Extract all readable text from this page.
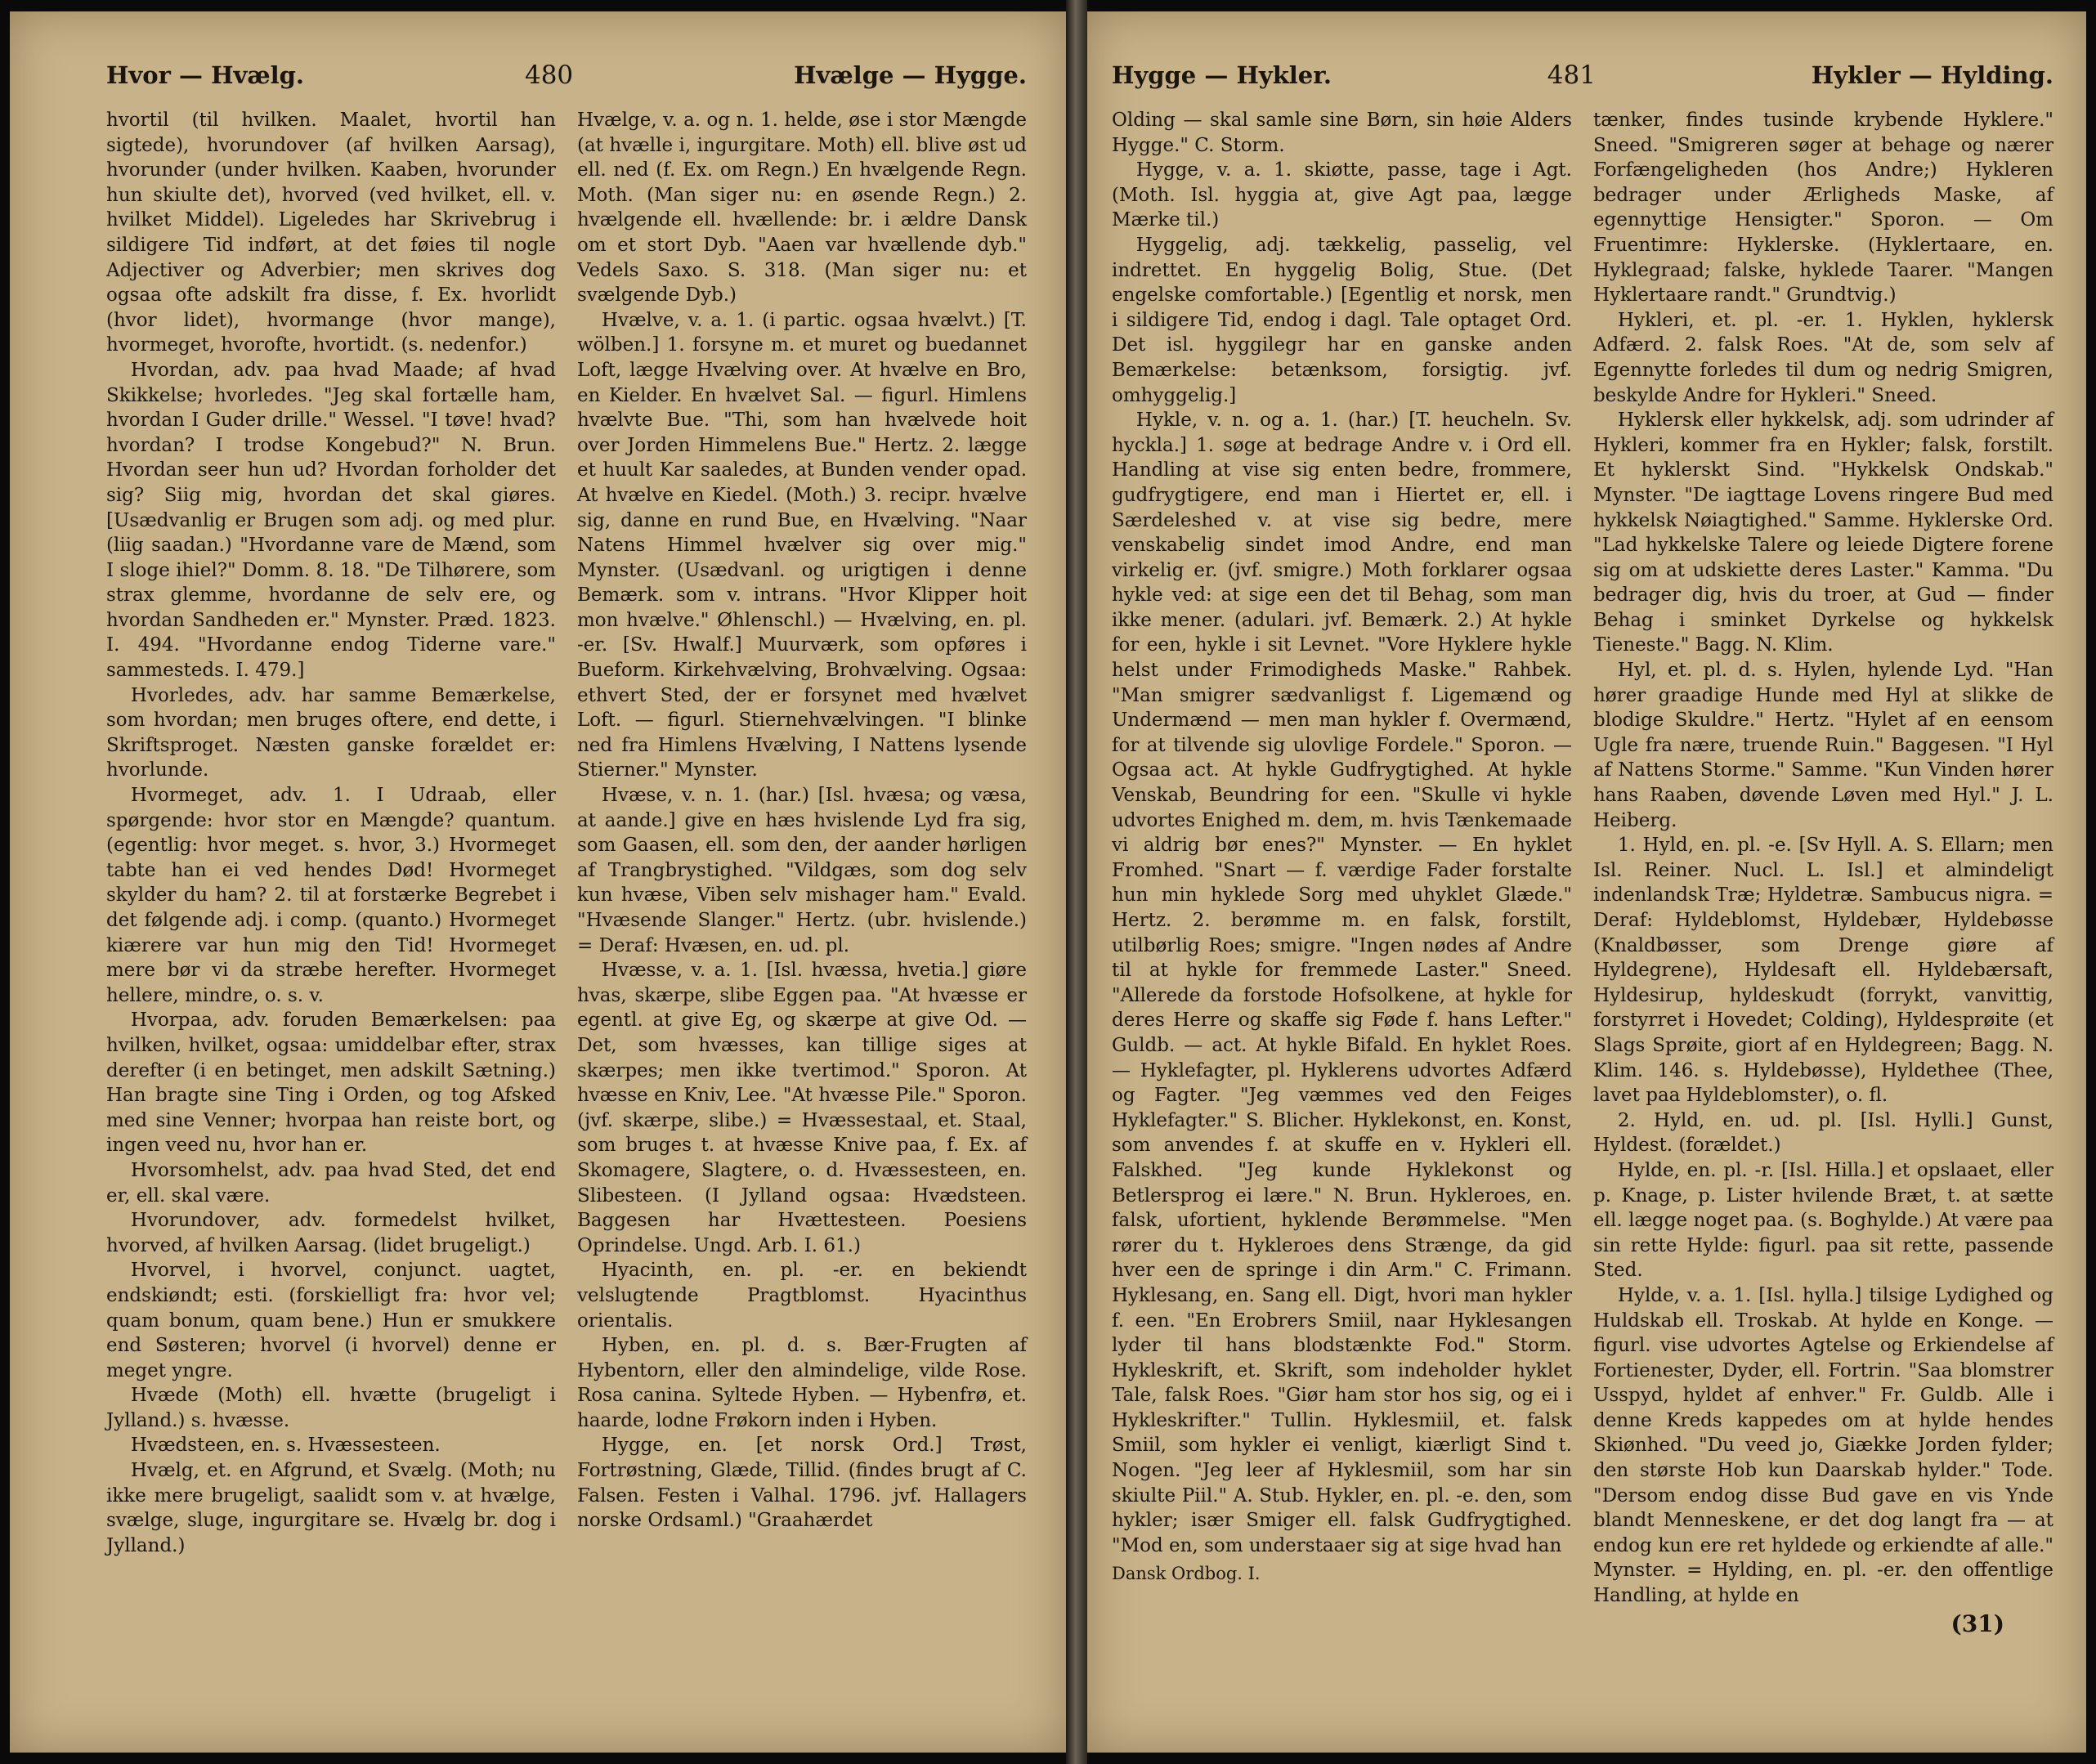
Hvor — Hvælg.	480	Hvælge — Hygge.

hvortil (til hvilken. Maalet, hvortil han sigtede), hvorundover (af hvilken Aarsag), hvorunder (under hvilken. Kaaben, hvorunder hun skiulte det), hvorved (ved hvilket, ell. v. hvilket Middel). Ligeledes har Skrivebrug i sildigere Tid indført, at det føies til nogle Adjectiver og Adverbier; men skrives dog ogsaa ofte adskilt fra disse, f. Ex. hvorlidt (hvor lidet), hvormange (hvor mange), hvormeget, hvorofte, hvortidt. (s. nedenfor.)

Hvordan, adv. paa hvad Maade; af hvad Skikkelse; hvorledes. "Jeg skal fortælle ham, hvordan I Guder drille." Wessel. "I tøve! hvad? hvordan? I trodse Kongebud?" N. Brun. Hvordan seer hun ud? Hvordan forholder det sig? Siig mig, hvordan det skal giøres. [Usædvanlig er Brugen som adj. og med plur. (liig saadan.) "Hvordanne vare de Mænd, som I sloge ihiel?" Domm. 8. 18. "De Tilhørere, som strax glemme, hvordanne de selv ere, og hvordan Sandheden er." Mynster. Præd. 1823. I. 494. "Hvordanne endog Tiderne vare." sammesteds. I. 479.]

Hvorledes, adv. har samme Bemærkelse, som hvordan; men bruges oftere, end dette, i Skriftsproget. Næsten ganske forældet er: hvorlunde.

Hvormeget, adv. 1. I Udraab, eller spørgende: hvor stor en Mængde? quantum. (egentlig: hvor meget. s. hvor, 3.) Hvormeget tabte han ei ved hendes Død! Hvormeget skylder du ham? 2. til at forstærke Begrebet i det følgende adj. i comp. (quanto.) Hvormeget kiærere var hun mig den Tid! Hvormeget mere bør vi da stræbe herefter. Hvormeget hellere, mindre, o. s. v.

Hvorpaa, adv. foruden Bemærkelsen: paa hvilken, hvilket, ogsaa: umiddelbar efter, strax derefter (i en betinget, men adskilt Sætning.) Han bragte sine Ting i Orden, og tog Afsked med sine Venner; hvorpaa han reiste bort, og ingen veed nu, hvor han er.

Hvorsomhelst, adv. paa hvad Sted, det end er, ell. skal være.

Hvorundover, adv. formedelst hvilket, hvorved, af hvilken Aarsag. (lidet brugeligt.)

Hvorvel, i hvorvel, conjunct. uagtet, endskiøndt; esti. (forskielligt fra: hvor vel; quam bonum, quam bene.) Hun er smukkere end Søsteren; hvorvel (i hvorvel) denne er meget yngre.

Hvæde (Moth) ell. hvætte (brugeligt i Jylland.) s. hvæsse.

Hvædsteen, en. s. Hvæssesteen.

Hvælg, et. en Afgrund, et Svælg. (Moth; nu ikke mere brugeligt, saalidt som v. at hvælge, svælge, sluge, ingurgitare se. Hvælg br. dog i Jylland.)

Hvælge, v. a. og n. 1. helde, øse i stor Mængde (at hvælle i, ingurgitare. Moth) ell. blive øst ud ell. ned (f. Ex. om Regn.) En hvælgende Regn. Moth. (Man siger nu: en øsende Regn.) 2. hvælgende ell. hvællende: br. i ældre Dansk om et stort Dyb. "Aaen var hvællende dyb." Vedels Saxo. S. 318. (Man siger nu: et svælgende Dyb.)

Hvælve, v. a. 1. (i partic. ogsaa hvælvt.) [T. wölben.] 1. forsyne m. et muret og buedannet Loft, lægge Hvælving over. At hvælve en Bro, en Kielder. En hvælvet Sal. — figurl. Himlens hvælvte Bue. "Thi, som han hvælvede hoit over Jorden Himmelens Bue." Hertz. 2. lægge et huult Kar saaledes, at Bunden vender opad. At hvælve en Kiedel. (Moth.) 3. recipr. hvælve sig, danne en rund Bue, en Hvælving. "Naar Natens Himmel hvælver sig over mig." Mynster. (Usædvanl. og urigtigen i denne Bemærk. som v. intrans. "Hvor Klipper hoit mon hvælve." Øhlenschl.) — Hvælving, en. pl. -er. [Sv. Hwalf.] Muurværk, som opføres i Bueform. Kirkehvælving, Brohvælving. Ogsaa: ethvert Sted, der er forsynet med hvælvet Loft. — figurl. Stiernehvælvingen. "I blinke ned fra Himlens Hvælving, I Nattens lysende Stierner." Mynster.

Hvæse, v. n. 1. (har.) [Isl. hvæsa; og væsa, at aande.] give en hæs hvislende Lyd fra sig, som Gaasen, ell. som den, der aander hørligen af Trangbrystighed. "Vildgæs, som dog selv kun hvæse, Viben selv mishager ham." Evald. "Hvæsende Slanger." Hertz. (ubr. hvislende.) = Deraf: Hvæsen, en. ud. pl.

Hvæsse, v. a. 1. [Isl. hvæssa, hvetia.] giøre hvas, skærpe, slibe Eggen paa. "At hvæsse er egentl. at give Eg, og skærpe at give Od. — Det, som hvæsses, kan tillige siges at skærpes; men ikke tvertimod." Sporon. At hvæsse en Kniv, Lee. "At hvæsse Pile." Sporon. (jvf. skærpe, slibe.) = Hvæssestaal, et. Staal, som bruges t. at hvæsse Knive paa, f. Ex. af Skomagere, Slagtere, o. d. Hvæssesteen, en. Slibesteen. (I Jylland ogsaa: Hvædsteen. Baggesen har Hvættesteen. Poesiens Oprindelse. Ungd. Arb. I. 61.)

Hyacinth, en. pl. -er. en bekiendt velslugtende Pragtblomst. Hyacinthus orientalis.

Hyben, en. pl. d. s. Bær-Frugten af Hybentorn, eller den almindelige, vilde Rose. Rosa canina. Syltede Hyben. — Hybenfrø, et. haarde, lodne Frøkorn inden i Hyben.

Hygge, en. [et norsk Ord.] Trøst, Fortrøstning, Glæde, Tillid. (findes brugt af C. Falsen. Festen i Valhal. 1796. jvf. Hallagers norske Ordsaml.) "Graahærdet

Hygge — Hykler.	481	Hykler — Hylding.

Olding — skal samle sine Børn, sin høie Alders Hygge." C. Storm.

Hygge, v. a. 1. skiøtte, passe, tage i Agt. (Moth. Isl. hyggia at, give Agt paa, lægge Mærke til.)

Hyggelig, adj. tækkelig, passelig, vel indrettet. En hyggelig Bolig, Stue. (Det engelske comfortable.) [Egentlig et norsk, men i sildigere Tid, endog i dagl. Tale optaget Ord. Det isl. hyggilegr har en ganske anden Bemærkelse: betænksom, forsigtig. jvf. omhyggelig.]

Hykle, v. n. og a. 1. (har.) [T. heucheln. Sv. hyckla.] 1. søge at bedrage Andre v. i Ord ell. Handling at vise sig enten bedre, frommere, gudfrygtigere, end man i Hiertet er, ell. i Særdeleshed v. at vise sig bedre, mere venskabelig sindet imod Andre, end man virkelig er. (jvf. smigre.) Moth forklarer ogsaa hykle ved: at sige een det til Behag, som man ikke mener. (adulari. jvf. Bemærk. 2.) At hykle for een, hykle i sit Levnet. "Vore Hyklere hykle helst under Frimodigheds Maske." Rahbek. "Man smigrer sædvanligst f. Ligemænd og Undermænd — men man hykler f. Overmænd, for at tilvende sig ulovlige Fordele." Sporon. — Ogsaa act. At hykle Gudfrygtighed. At hykle Venskab, Beundring for een. "Skulle vi hykle udvortes Enighed m. dem, m. hvis Tænkemaade vi aldrig bør enes?" Mynster. — En hyklet Fromhed. "Snart — f. værdige Fader forstalte hun min hyklede Sorg med uhyklet Glæde." Hertz. 2. berømme m. en falsk, forstilt, utilbørlig Roes; smigre. "Ingen nødes af Andre til at hykle for fremmede Laster." Sneed. "Allerede da forstode Hofsolkene, at hykle for deres Herre og skaffe sig Føde f. hans Lefter." Guldb. — act. At hykle Bifald. En hyklet Roes. — Hyklefagter, pl. Hyklerens udvortes Adfærd og Fagter. "Jeg væmmes ved den Feiges Hyklefagter." S. Blicher. Hyklekonst, en. Konst, som anvendes f. at skuffe en v. Hykleri ell. Falskhed. "Jeg kunde Hyklekonst og Betlersprog ei lære." N. Brun. Hykleroes, en. falsk, ufortient, hyklende Berømmelse. "Men rører du t. Hykleroes dens Strænge, da gid hver een de springe i din Arm." C. Frimann. Hyklesang, en. Sang ell. Digt, hvori man hykler f. een. "En Erobrers Smiil, naar Hyklesangen lyder til hans blodstænkte Fod." Storm. Hykleskrift, et. Skrift, som indeholder hyklet Tale, falsk Roes. "Giør ham stor hos sig, og ei i Hykleskrifter." Tullin. Hyklesmiil, et. falsk Smiil, som hykler ei venligt, kiærligt Sind t. Nogen. "Jeg leer af Hyklesmiil, som har sin skiulte Piil." A. Stub. Hykler, en. pl. -e. den, som hykler; især Smiger ell. falsk Gudfrygtighed. "Mod en, som understaaer sig at sige hvad han

Dansk Ordbog. I.

tænker, findes tusinde krybende Hyklere." Sneed. "Smigreren søger at behage og nærer Forfængeligheden (hos Andre;) Hykleren bedrager under Ærligheds Maske, af egennyttige Hensigter." Sporon. — Om Fruentimre: Hyklerske. (Hyklertaare, en. Hyklegraad; falske, hyklede Taarer. "Mangen Hyklertaare randt." Grundtvig.)

Hykleri, et. pl. -er. 1. Hyklen, hyklersk Adfærd. 2. falsk Roes. "At de, som selv af Egennytte forledes til dum og nedrig Smigren, beskylde Andre for Hykleri." Sneed.

Hyklersk eller hykkelsk, adj. som udrinder af Hykleri, kommer fra en Hykler; falsk, forstilt. Et hyklerskt Sind. "Hykkelsk Ondskab." Mynster. "De iagttage Lovens ringere Bud med hykkelsk Nøiagtighed." Samme. Hyklerske Ord. "Lad hykkelske Talere og leiede Digtere forene sig om at udskiette deres Laster." Kamma. "Du bedrager dig, hvis du troer, at Gud — finder Behag i sminket Dyrkelse og hykkelsk Tieneste." Bagg. N. Klim.

Hyl, et. pl. d. s. Hylen, hylende Lyd. "Han hører graadige Hunde med Hyl at slikke de blodige Skuldre." Hertz. "Hylet af en eensom Ugle fra nære, truende Ruin." Baggesen. "I Hyl af Nattens Storme." Samme. "Kun Vinden hører hans Raaben, døvende Løven med Hyl." J. L. Heiberg.

1. Hyld, en. pl. -e. [Sv Hyll. A. S. Ellarn; men Isl. Reiner. Nucl. L. Isl.] et almindeligt indenlandsk Træ; Hyldetræ. Sambucus nigra. = Deraf: Hyldeblomst, Hyldebær, Hyldebøsse (Knaldbøsser, som Drenge giøre af Hyldegrene), Hyldesaft ell. Hyldebærsaft, Hyldesirup, hyldeskudt (forrykt, vanvittig, forstyrret i Hovedet; Colding), Hyldesprøite (et Slags Sprøite, giort af en Hyldegreen; Bagg. N. Klim. 146. s. Hyldebøsse), Hyldethee (Thee, lavet paa Hyldeblomster), o. fl.

2. Hyld, en. ud. pl. [Isl. Hylli.] Gunst, Hyldest. (forældet.)

Hylde, en. pl. -r. [Isl. Hilla.] et opslaaet, eller p. Knage, p. Lister hvilende Bræt, t. at sætte ell. lægge noget paa. (s. Boghylde.) At være paa sin rette Hylde: figurl. paa sit rette, passende Sted.

Hylde, v. a. 1. [Isl. hylla.] tilsige Lydighed og Huldskab ell. Troskab. At hylde en Konge. — figurl. vise udvortes Agtelse og Erkiendelse af Fortienester, Dyder, ell. Fortrin. "Saa blomstrer Usspyd, hyldet af enhver." Fr. Guldb. Alle i denne Kreds kappedes om at hylde hendes Skiønhed. "Du veed jo, Giække Jorden fylder; den største Hob kun Daarskab hylder." Tode. "Dersom endog disse Bud gave en vis Ynde blandt Menneskene, er det dog langt fra — at endog kun ere ret hyldede og erkiendte af alle." Mynster. = Hylding, en. pl. -er. den offentlige Handling, at hylde en

(31)
